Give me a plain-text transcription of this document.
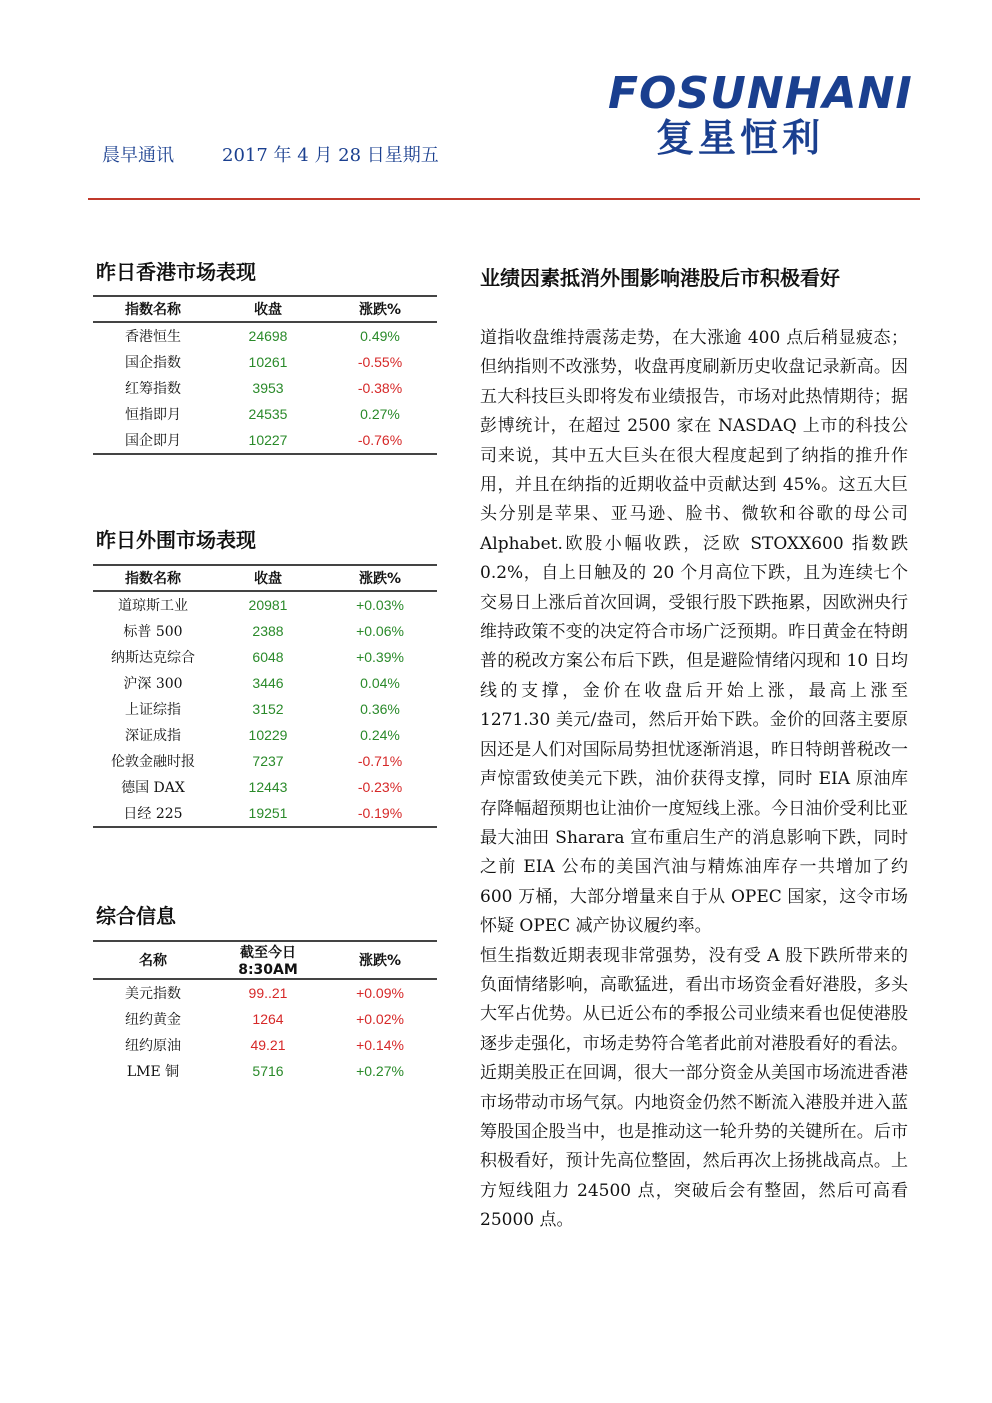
FOSUNHANI
复星恒利
晨早通讯	2017 年 4 月 28 日星期五
昨日香港市场表现
指数名称	收盘	涨跌%
香港恒生	24698	0.49%
国企指数	10261	-0.55%
红筹指数	3953	-0.38%
恒指即月	24535	0.27%
国企即月	10227	-0.76%
昨日外围市场表现
指数名称	收盘	涨跌%
道琼斯工业	20981	+0.03%
标普 500	2388	+0.06%
纳斯达克综合	6048	+0.39%
沪深 300	3446	0.04%
上证综指	3152	0.36%
深证成指	10229	0.24%
伦敦金融时报	7237	-0.71%
德国 DAX	12443	-0.23%
日经 225	19251	-0.19%
综合信息
名称	截至今日 8:30AM	涨跌%
美元指数	99..21	+0.09%
纽约黄金	1264	+0.02%
纽约原油	49.21	+0.14%
LME 铜	5716	+0.27%
业绩因素抵消外围影响港股后市积极看好

道指收盘维持震荡走势，在大涨逾 400 点后稍显疲态；但纳指则不改涨势，收盘再度刷新历史收盘记录新高。因五大科技巨头即将发布业绩报告，市场对此热情期待；据彭博统计，在超过 2500 家在 NASDAQ 上市的科技公司来说，其中五大巨头在很大程度起到了纳指的推升作用，并且在纳指的近期收益中贡献达到 45%。这五大巨头分别是苹果、亚马逊、脸书、微软和谷歌的母公司 Alphabet.欧股小幅收跌，泛欧 STOXX600 指数跌 0.2%，自上日触及的 20 个月高位下跌，且为连续七个交易日上涨后首次回调，受银行股下跌拖累，因欧洲央行维持政策不变的决定符合市场广泛预期。昨日黄金在特朗普的税改方案公布后下跌，但是避险情绪闪现和 10 日均线的支撑，金价在收盘后开始上涨，最高上涨至 1271.30 美元/盎司，然后开始下跌。金价的回落主要原因还是人们对国际局势担忧逐渐消退，昨日特朗普税改一声惊雷致使美元下跌，油价获得支撑，同时 EIA 原油库存降幅超预期也让油价一度短线上涨。今日油价受利比亚最大油田 Sharara 宣布重启生产的消息影响下跌，同时之前 EIA 公布的美国汽油与精炼油库存一共增加了约 600 万桶，大部分增量来自于从 OPEC 国家，这令市场怀疑 OPEC 减产协议履约率。

恒生指数近期表现非常强势，没有受 A 股下跌所带来的负面情绪影响，高歌猛进，看出市场资金看好港股，多头大军占优势。从已近公布的季报公司业绩来看也促使港股逐步走强化，市场走势符合笔者此前对港股看好的看法。近期美股正在回调，很大一部分资金从美国市场流进香港市场带动市场气氛。内地资金仍然不断流入港股并进入蓝筹股国企股当中，也是推动这一轮升势的关键所在。后市积极看好，预计先高位整固，然后再次上扬挑战高点。上方短线阻力 24500 点，突破后会有整固，然后可高看 25000 点。
